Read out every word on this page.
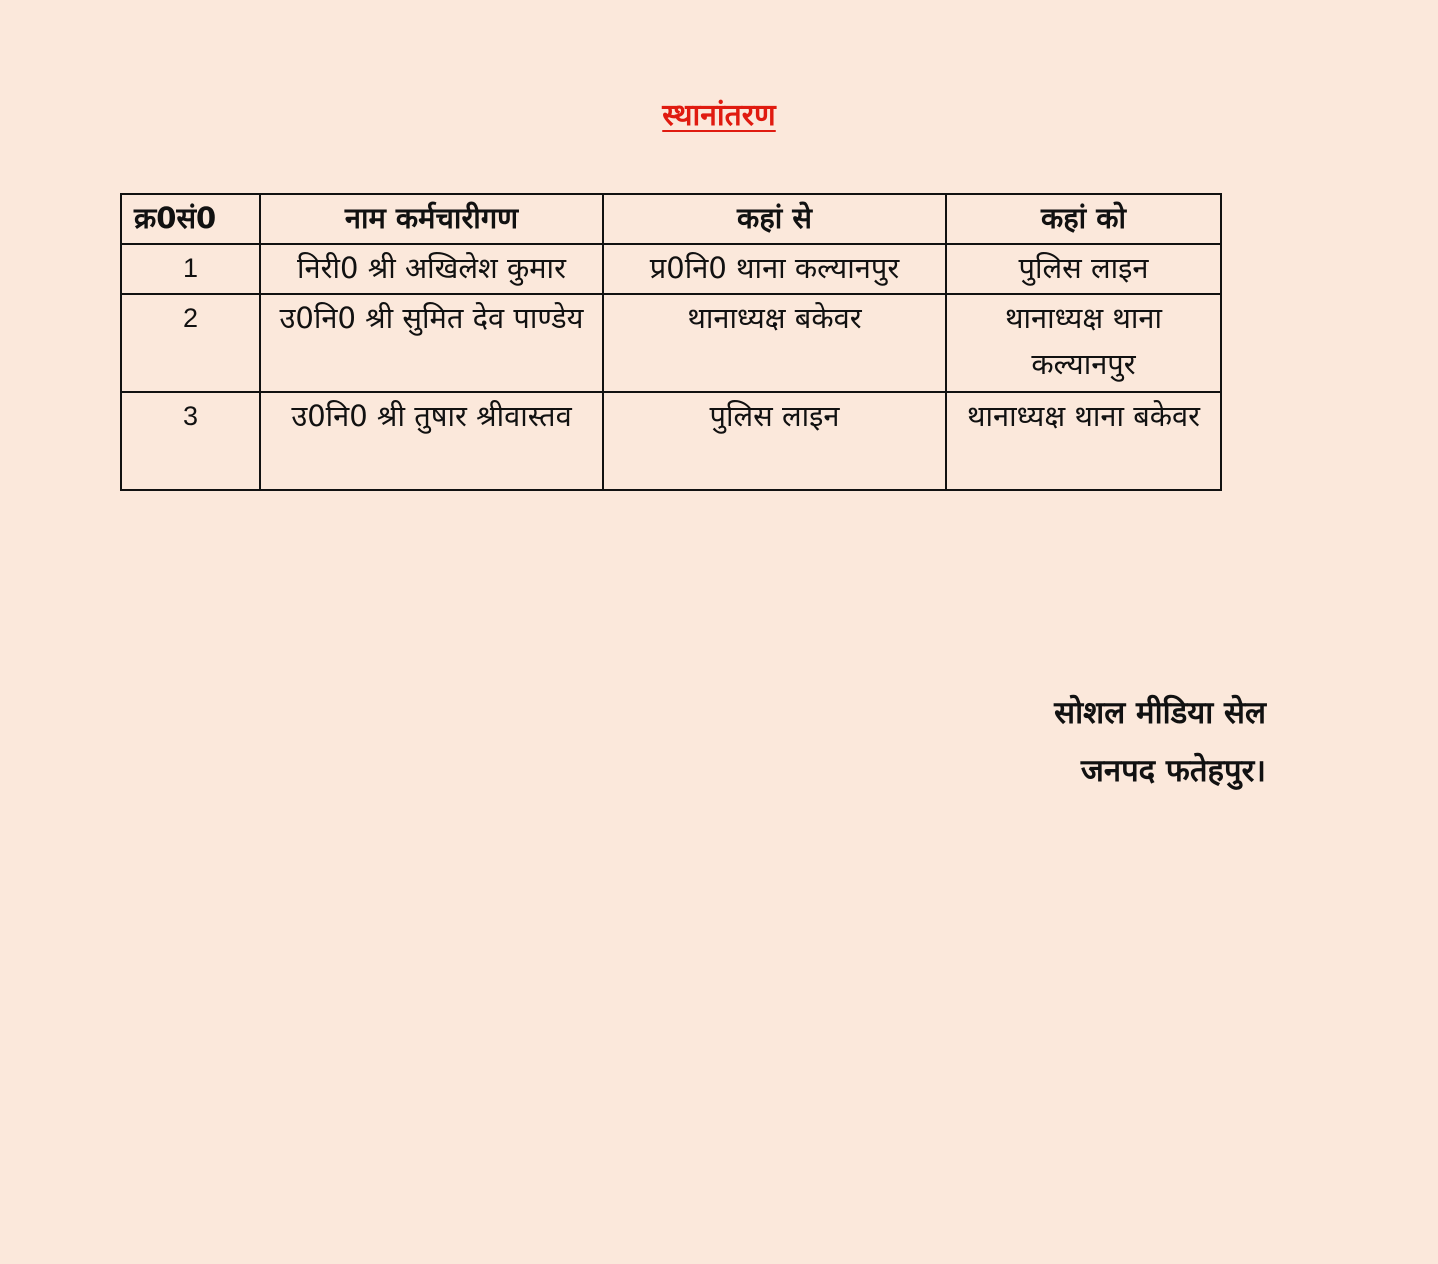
स्थानांतरण
क्र0सं0	नाम कर्मचारीगण	कहां से	कहां को
1	निरी0 श्री अखिलेश कुमार	प्र0नि0 थाना कल्यानपुर	पुलिस लाइन
2	उ0नि0 श्री सुमित देव पाण्डेय	थानाध्यक्ष बकेवर	थानाध्यक्ष थाना कल्यानपुर
3	उ0नि0 श्री तुषार श्रीवास्तव	पुलिस लाइन	थानाध्यक्ष थाना बकेवर
सोशल मीडिया सेल
जनपद फतेहपुर।
